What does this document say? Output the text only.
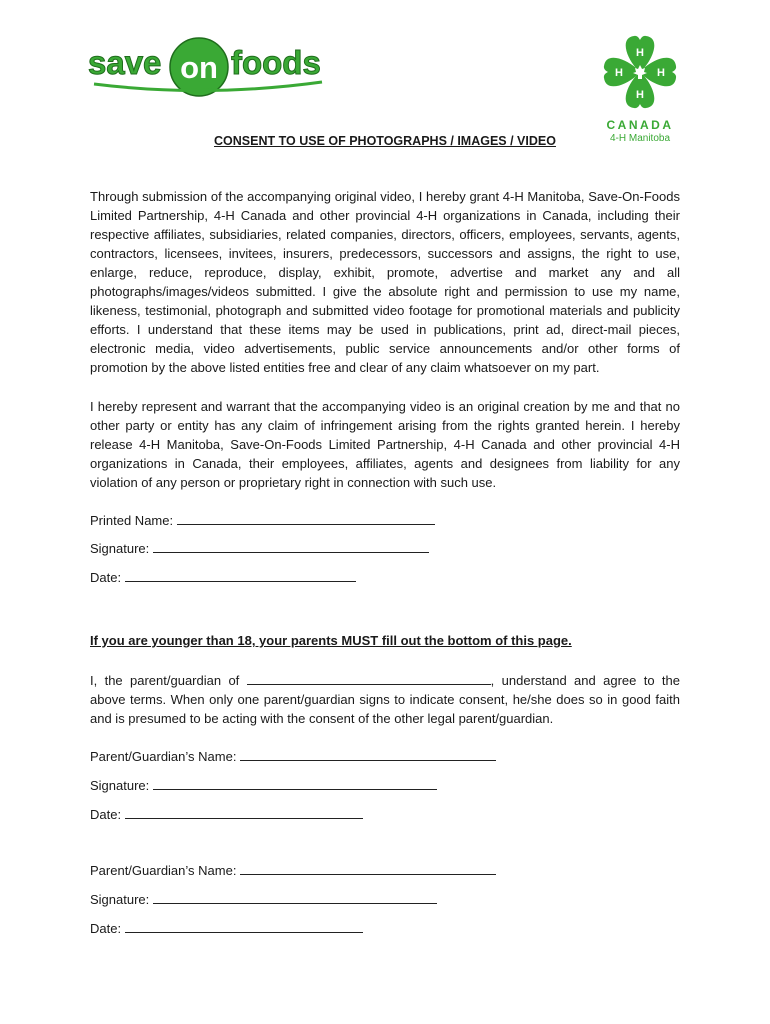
save on foods	H
H
H	H
CANADA
4-H Manitoba
CONSENT TO USE OF PHOTOGRAPHS / IMAGES / VIDEO

Through submission of the accompanying original video, I hereby grant 4-H Manitoba, Save-On-Foods Limited Partnership, 4-H Canada and other provincial 4-H organizations in Canada, including their respective affiliates, subsidiaries, related companies, directors, officers, employees, servants, agents, contractors, licensees, invitees, insurers, predecessors, successors and assigns, the right to use, enlarge, reduce, reproduce, display, exhibit, promote, advertise and market any and all photographs/images/videos submitted. I give the absolute right and permission to use my name, likeness, testimonial, photograph and submitted video footage for promotional materials and publicity efforts. I understand that these items may be used in publications, print ad, direct-mail pieces, electronic media, video advertisements, public service announcements and/or other forms of promotion by the above listed entities free and clear of any claim whatsoever on my part.

I hereby represent and warrant that the accompanying video is an original creation by me and that no other party or entity has any claim of infringement arising from the rights granted herein. I hereby release 4-H Manitoba, Save-On-Foods Limited Partnership, 4-H Canada and other provincial 4-H organizations in Canada, their employees, affiliates, agents and designees from liability for any violation of any person or proprietary right in connection with such use.

Printed Name:
Signature:
Date:
If you are younger than 18, your parents MUST fill out the bottom of this page.

I, the parent/guardian of	, understand and agree to the above terms. When only one parent/guardian signs to indicate consent, he/she does so in good faith and is presumed to be acting with the consent of the other legal parent/guardian.

Parent/Guardian’s Name:
Signature:
Date:
Parent/Guardian’s Name:
Signature:
Date:
